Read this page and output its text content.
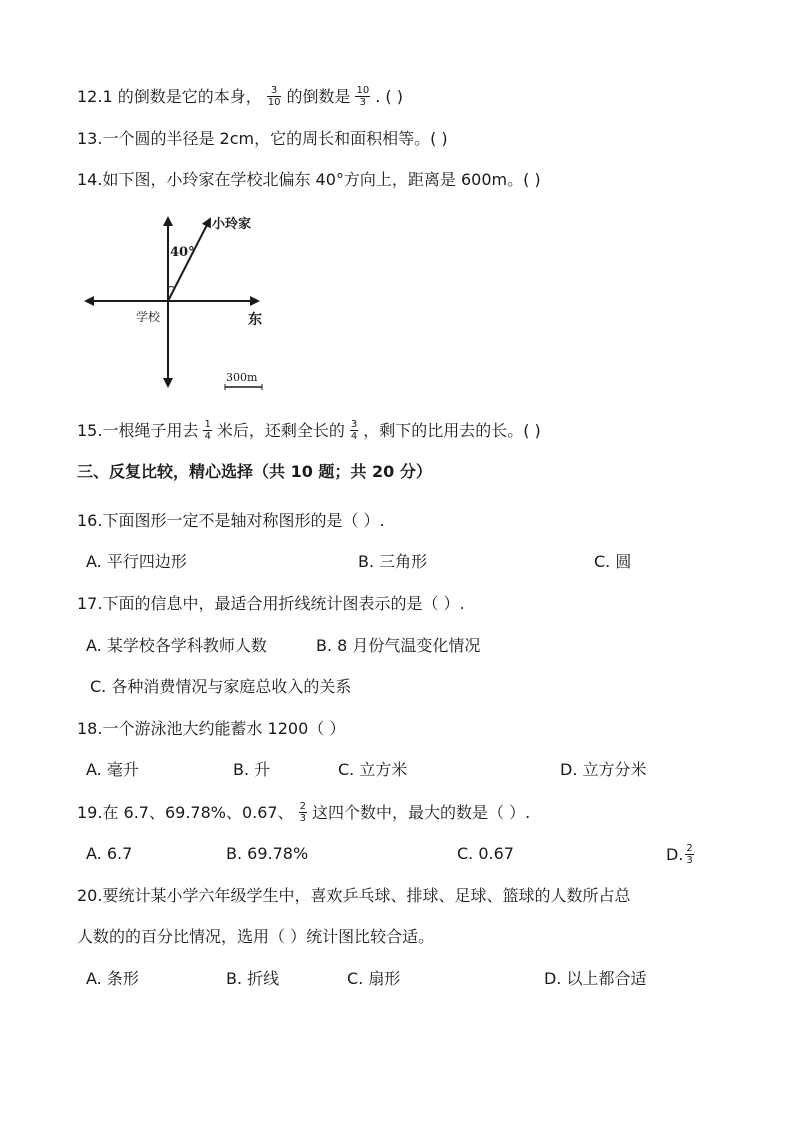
12.1 的倒数是它的本身， $\frac{3}{10}$ 的倒数是 $\frac{10}{3}$ . ( )
13.一个圆的半径是 2cm，它的周长和面积相等。( )
14.如下图，小玲家在学校北偏东 40°方向上，距离是 600m。( )
小玲家
40°
学校	东
300m
15.一根绳子用去 $\frac{1}{4}$ 米后，还剩全长的 $\frac{3}{4}$ ，剩下的比用去的长。( )
三、反复比较，精心选择（共 10 题；共 20 分）
16.下面图形一定不是轴对称图形的是（ ）.
A. 平行四边形	B. 三角形	C. 圆
17.下面的信息中，最适合用折线统计图表示的是（ ）.
A. 某学校各学科教师人数	B. 8 月份气温变化情况
C. 各种消费情况与家庭总收入的关系
18.一个游泳池大约能蓄水 1200（ ）
A. 毫升	B. 升	C. 立方米	D. 立方分米
19.在 6.7、69.78%、0.67、 $\frac{2}{3}$ 这四个数中，最大的数是（ ）.
A. 6.7	B. 69.78%	C. 0.67	D. $\frac{2}{3}$
20.要统计某小学六年级学生中，喜欢乒乓球、排球、足球、篮球的人数所占总
人数的的百分比情况，选用（ ）统计图比较合适。
A. 条形	B. 折线	C. 扇形	D. 以上都合适
